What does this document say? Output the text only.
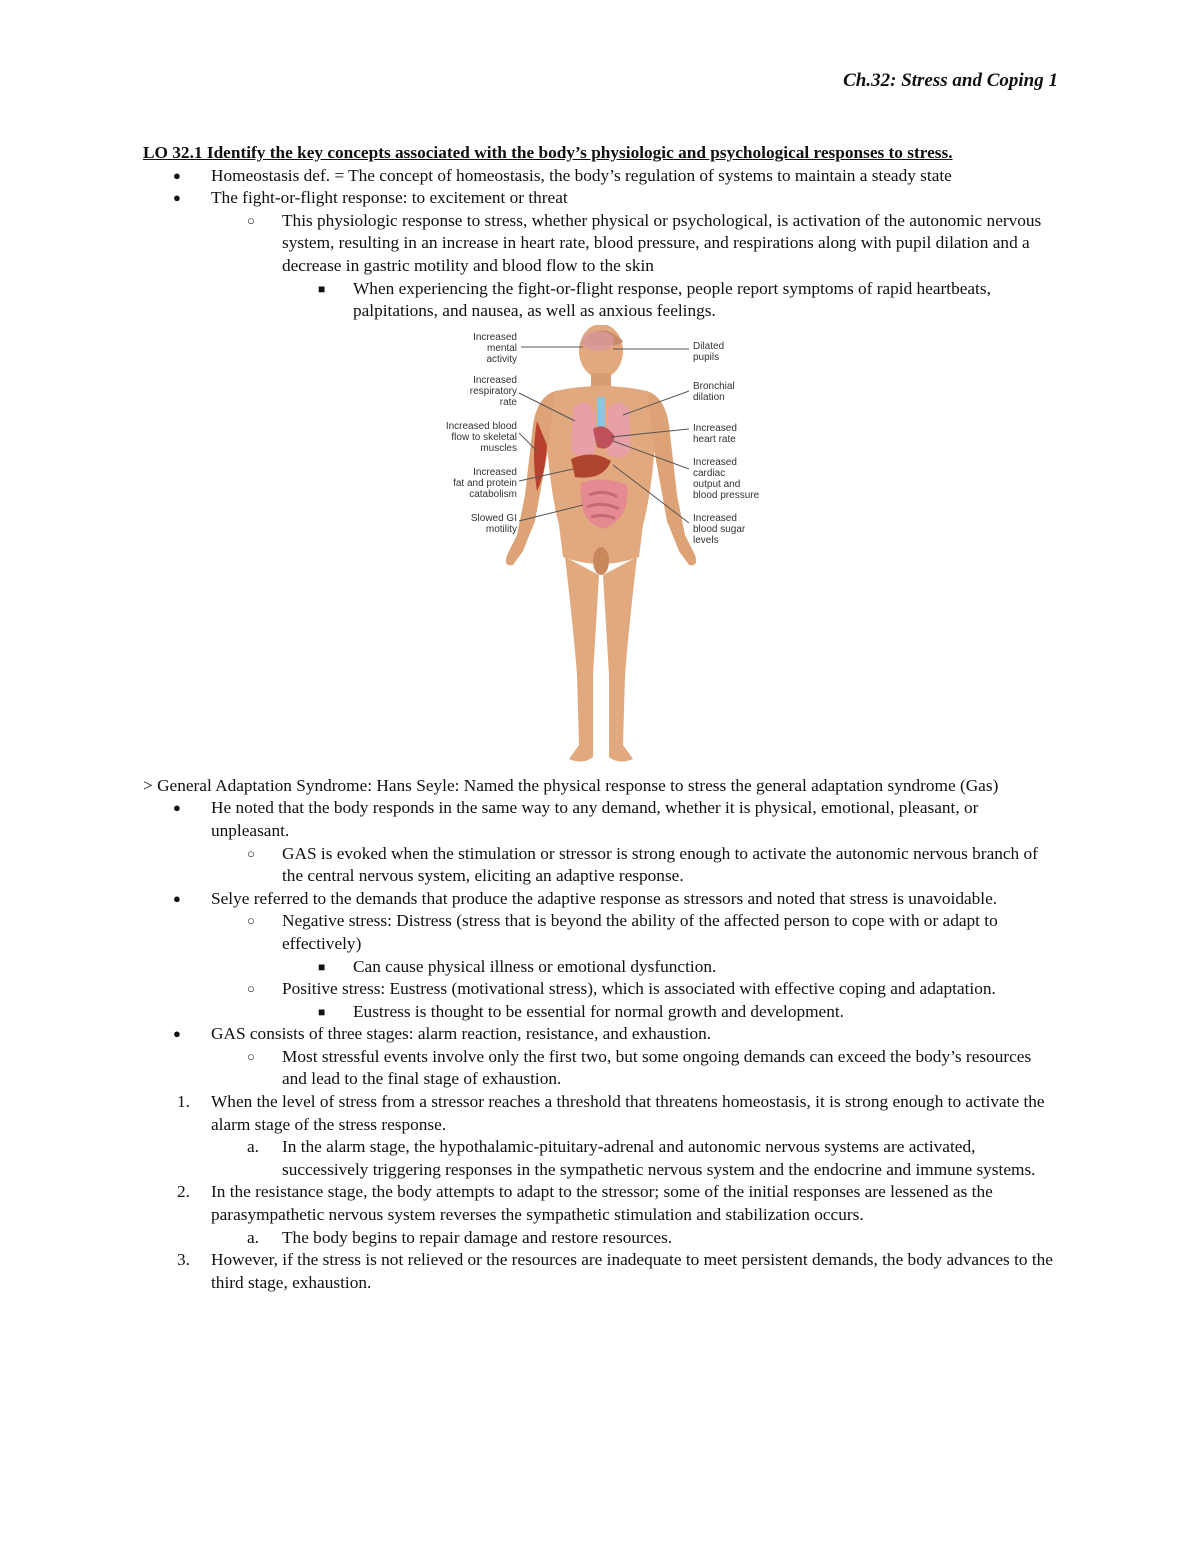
Ch.32: Stress and Coping 1
LO 32.1 Identify the key concepts associated with the body’s physiologic and psychological responses to stress.
● Homeostasis def. = The concept of homeostasis, the body’s regulation of systems to maintain a steady state
● The fight-or-flight response: to excitement or threat
○ This physiologic response to stress, whether physical or psychological, is activation of the autonomic nervous system, resulting in an increase in heart rate, blood pressure, and respirations along with pupil dilation and a decrease in gastric motility and blood flow to the skin
■ When experiencing the fight-or-flight response, people report symptoms of rapid heartbeats, palpitations, and nausea, as well as anxious feelings.
Increased mental activity
Increased respiratory rate
Increased blood flow to skeletal muscles
Increased fat and protein catabolism
Slowed GI motility
Dilated pupils
Bronchial dilation
Increased heart rate
Increased cardiac output and blood pressure
Increased blood sugar levels
> General Adaptation Syndrome: Hans Seyle: Named the physical response to stress the general adaptation syndrome (Gas)
● He noted that the body responds in the same way to any demand, whether it is physical, emotional, pleasant, or unpleasant.
○ GAS is evoked when the stimulation or stressor is strong enough to activate the autonomic nervous branch of the central nervous system, eliciting an adaptive response.
● Selye referred to the demands that produce the adaptive response as stressors and noted that stress is unavoidable.
○ Negative stress: Distress (stress that is beyond the ability of the affected person to cope with or adapt to effectively)
■ Can cause physical illness or emotional dysfunction.
○ Positive stress: Eustress (motivational stress), which is associated with effective coping and adaptation.
■ Eustress is thought to be essential for normal growth and development.
● GAS consists of three stages: alarm reaction, resistance, and exhaustion.
○ Most stressful events involve only the first two, but some ongoing demands can exceed the body’s resources and lead to the final stage of exhaustion.
1. When the level of stress from a stressor reaches a threshold that threatens homeostasis, it is strong enough to activate the alarm stage of the stress response.
a. In the alarm stage, the hypothalamic-pituitary-adrenal and autonomic nervous systems are activated, successively triggering responses in the sympathetic nervous system and the endocrine and immune systems.
2. In the resistance stage, the body attempts to adapt to the stressor; some of the initial responses are lessened as the parasympathetic nervous system reverses the sympathetic stimulation and stabilization occurs.
a. The body begins to repair damage and restore resources.
3. However, if the stress is not relieved or the resources are inadequate to meet persistent demands, the body advances to the third stage, exhaustion.
